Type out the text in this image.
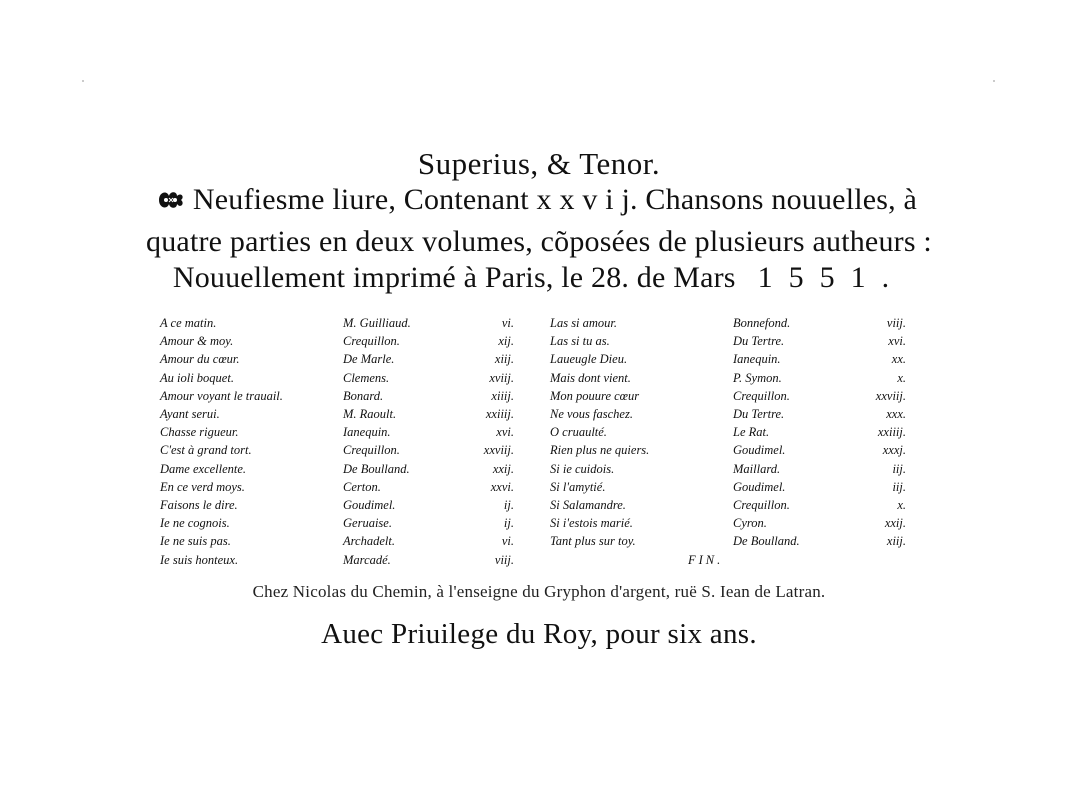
Superius, & Tenor.
Neufiesme liure, Contenant x x v i j. Chansons nouuelles, à
quatre parties en deux volumes, cõposées de plusieurs autheurs :
Nouuellement imprimé à Paris, le 28. de Mars 1551.
A ce matin.	M. Guilliaud.	vi.
Amour & moy.	Crequillon.	xij.
Amour du cœur.	De Marle.	xiij.
Au ioli boquet.	Clemens.	xviij.
Amour voyant le trauail.	Bonard.	xiiij.
Ayant serui.	M. Raoult.	xxiiij.
Chasse rigueur.	Ianequin.	xvi.
C'est à grand tort.	Crequillon.	xxviij.
Dame excellente.	De Boulland.	xxij.
En ce verd moys.	Certon.	xxvi.
Faisons le dire.	Goudimel.	ij.
Ie ne cognois.	Geruaise.	ij.
Ie ne suis pas.	Archadelt.	vi.
Ie suis honteux.	Marcadé.	viij.
Las si amour.	Bonnefond.	viij.
Las si tu as.	Du Tertre.	xvi.
Laueugle Dieu.	Ianequin.	xx.
Mais dont vient.	P. Symon.	x.
Mon pouure cœur	Crequillon.	xxviij.
Ne vous faschez.	Du Tertre.	xxx.
O cruaulté.	Le Rat.	xxiiij.
Rien plus ne quiers.	Goudimel.	xxxj.
Si ie cuidois.	Maillard.	iij.
Si l'amytié.	Goudimel.	iij.
Si Salamandre.	Crequillon.	x.
Si i'estois marié.	Cyron.	xxij.
Tant plus sur toy.	De Boulland.	xiij.
FIN.
Chez Nicolas du Chemin, à l'enseigne du Gryphon d'argent, ruë S. Iean de Latran.
Auec Priuilege du Roy, pour six ans.
